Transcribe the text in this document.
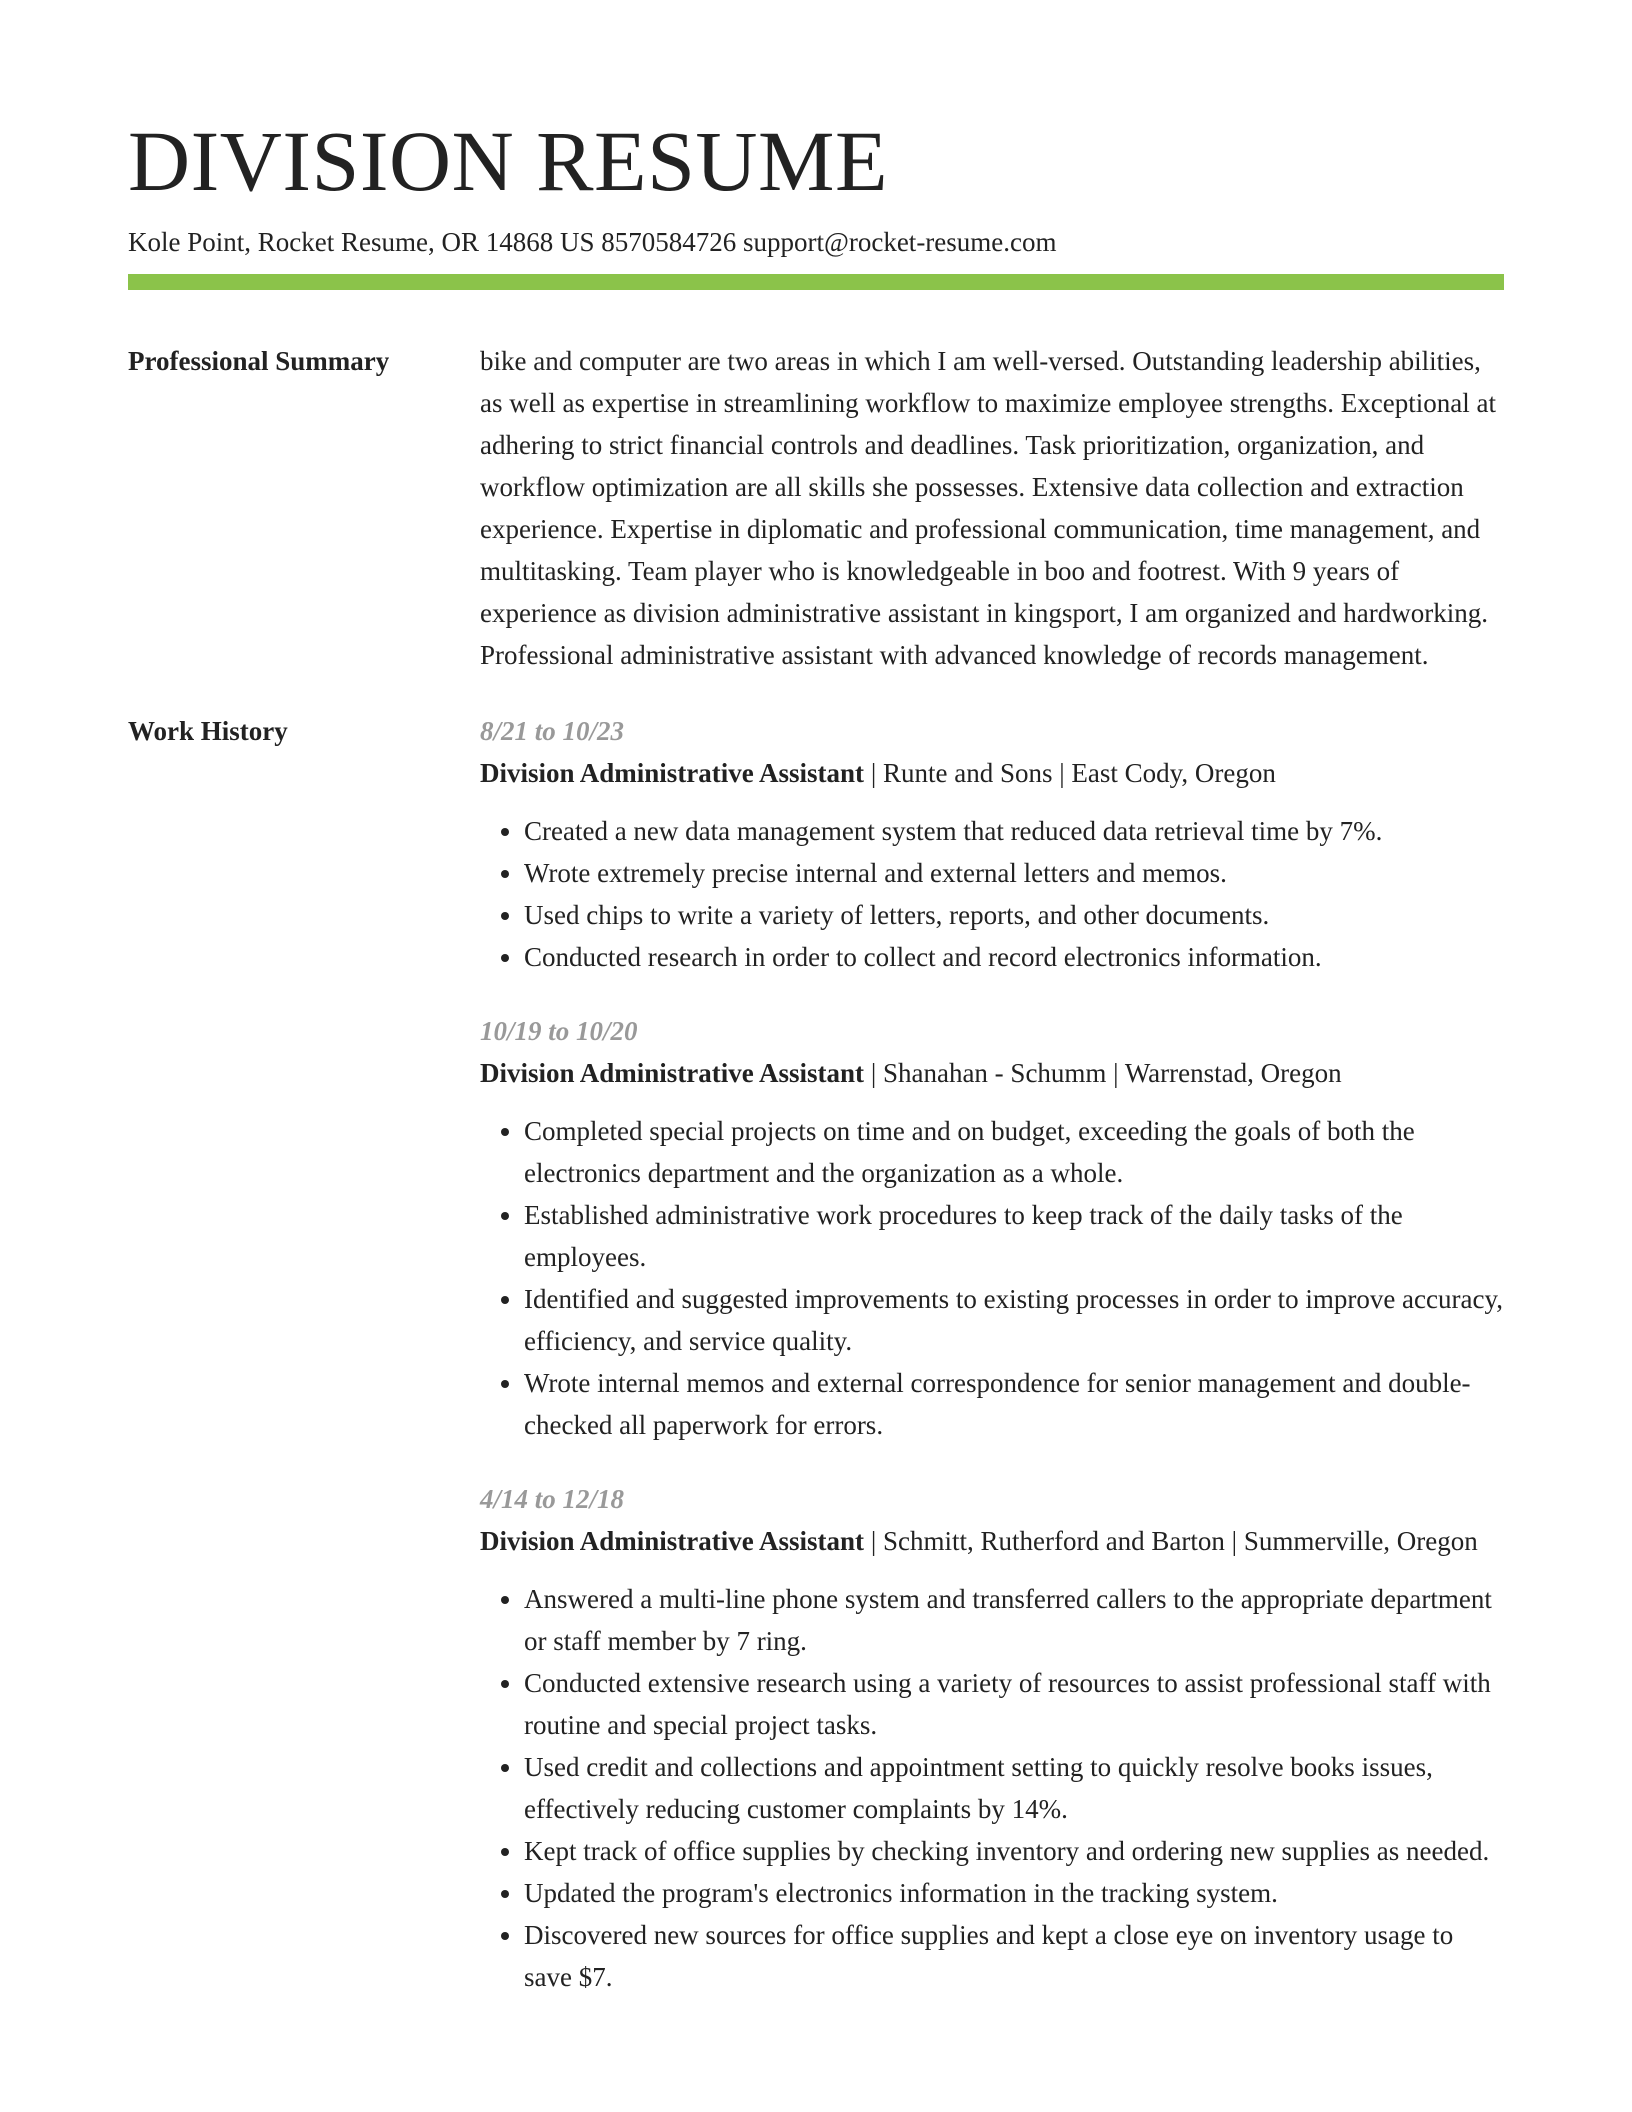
DIVISION RESUME
Kole Point, Rocket Resume, OR 14868 US 8570584726 support@rocket-resume.com
Professional Summary	bike and computer are two areas in which I am well-versed. Outstanding leadership abilities, as well as expertise in streamlining workflow to maximize employee strengths. Exceptional at adhering to strict financial controls and deadlines. Task prioritization, organization, and workflow optimization are all skills she possesses. Extensive data collection and extraction experience. Expertise in diplomatic and professional communication, time management, and multitasking. Team player who is knowledgeable in boo and footrest. With 9 years of experience as division administrative assistant in kingsport, I am organized and hardworking. Professional administrative assistant with advanced knowledge of records management.

Work History	8/21 to 10/23

Division Administrative Assistant | Runte and Sons | East Cody, Oregon

• Created a new data management system that reduced data retrieval time by 7%.
• Wrote extremely precise internal and external letters and memos.
• Used chips to write a variety of letters, reports, and other documents.
• Conducted research in order to collect and record electronics information.
10/19 to 10/20

Division Administrative Assistant | Shanahan - Schumm | Warrenstad, Oregon

• Completed special projects on time and on budget, exceeding the goals of both the electronics department and the organization as a whole.
• Established administrative work procedures to keep track of the daily tasks of the employees.
• Identified and suggested improvements to existing processes in order to improve accuracy, efficiency, and service quality.
• Wrote internal memos and external correspondence for senior management and double-checked all paperwork for errors.
4/14 to 12/18

Division Administrative Assistant | Schmitt, Rutherford and Barton | Summerville, Oregon

• Answered a multi-line phone system and transferred callers to the appropriate department or staff member by 7 ring.
• Conducted extensive research using a variety of resources to assist professional staff with routine and special project tasks.
• Used credit and collections and appointment setting to quickly resolve books issues, effectively reducing customer complaints by 14%.
• Kept track of office supplies by checking inventory and ordering new supplies as needed.
• Updated the program's electronics information in the tracking system.
• Discovered new sources for office supplies and kept a close eye on inventory usage to save $7.
